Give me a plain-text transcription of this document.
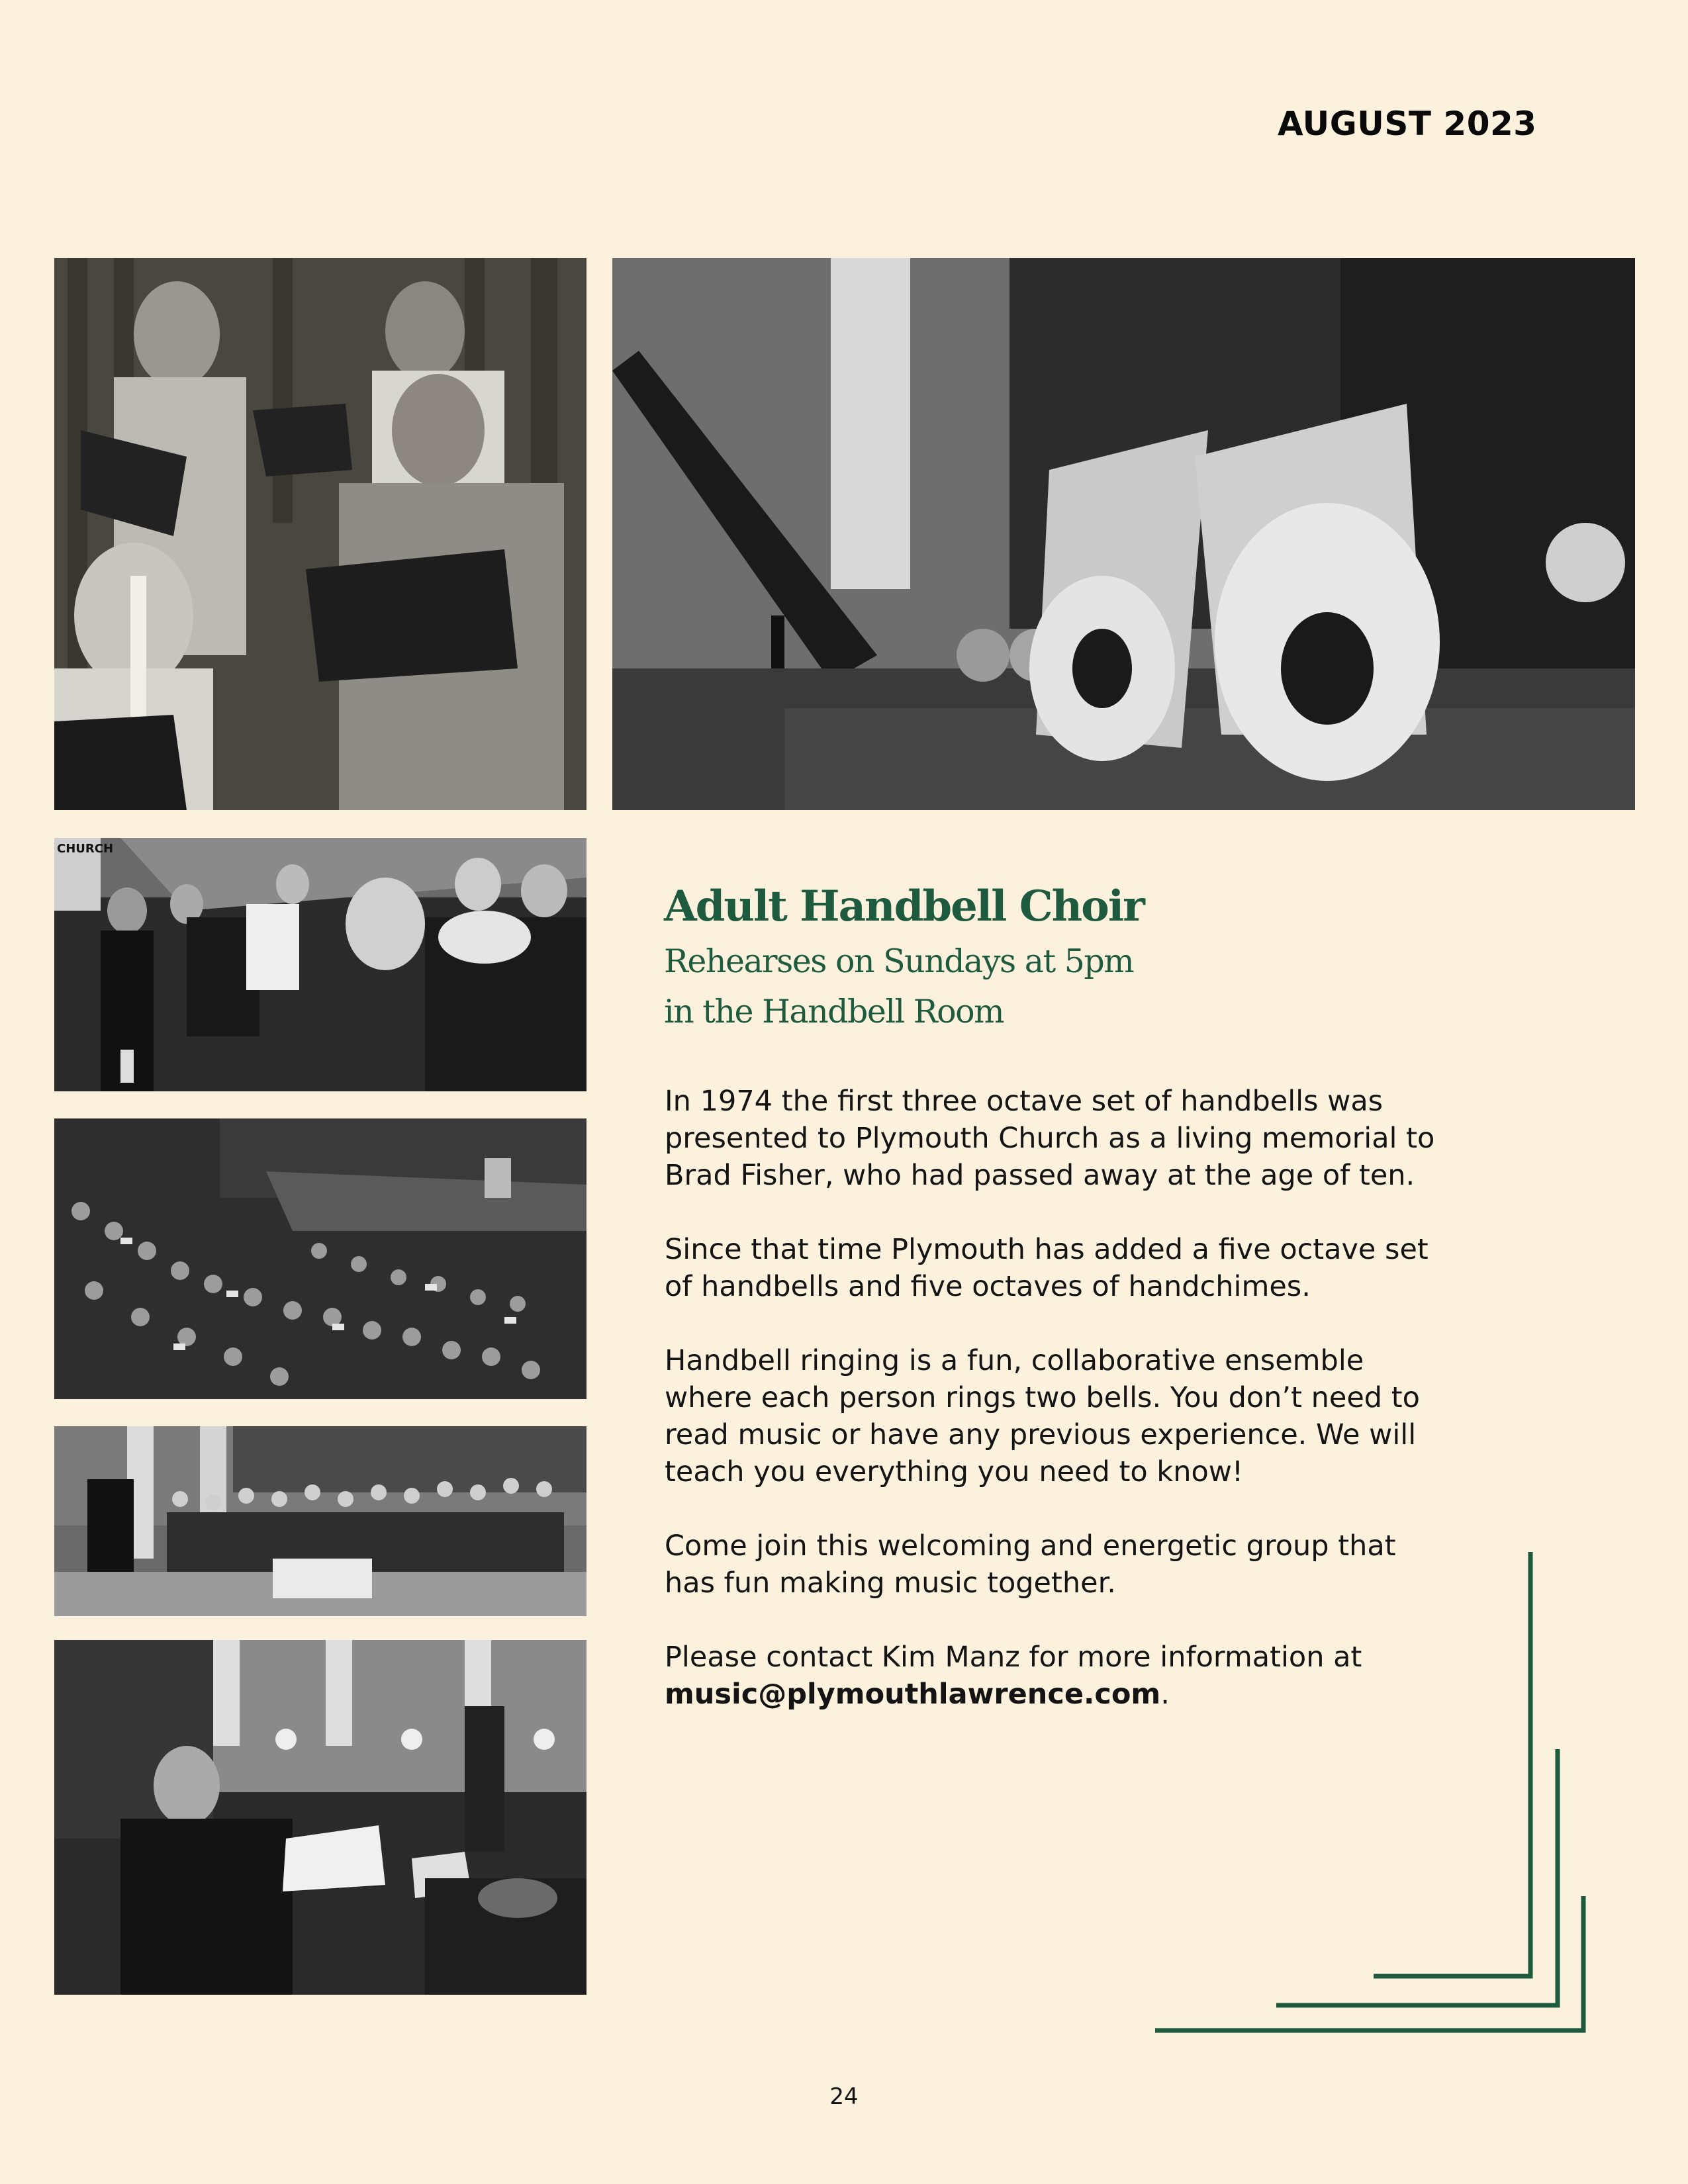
AUGUST 2023
CHURCH
Adult Handbell Choir
Rehearses on Sundays at 5pm
in the Handbell Room

In 1974 the first three octave set of handbells was presented to Plymouth Church as a living memorial to Brad Fisher, who had passed away at the age of ten.

Since that time Plymouth has added a five octave set of handbells and five octaves of handchimes.

Handbell ringing is a fun, collaborative ensemble where each person rings two bells. You don’t need to read music or have any previous experience. We will teach you everything you need to know!

Come join this welcoming and energetic group that has fun making music together.

Please contact Kim Manz for more information at music@plymouthlawrence.com.

24
